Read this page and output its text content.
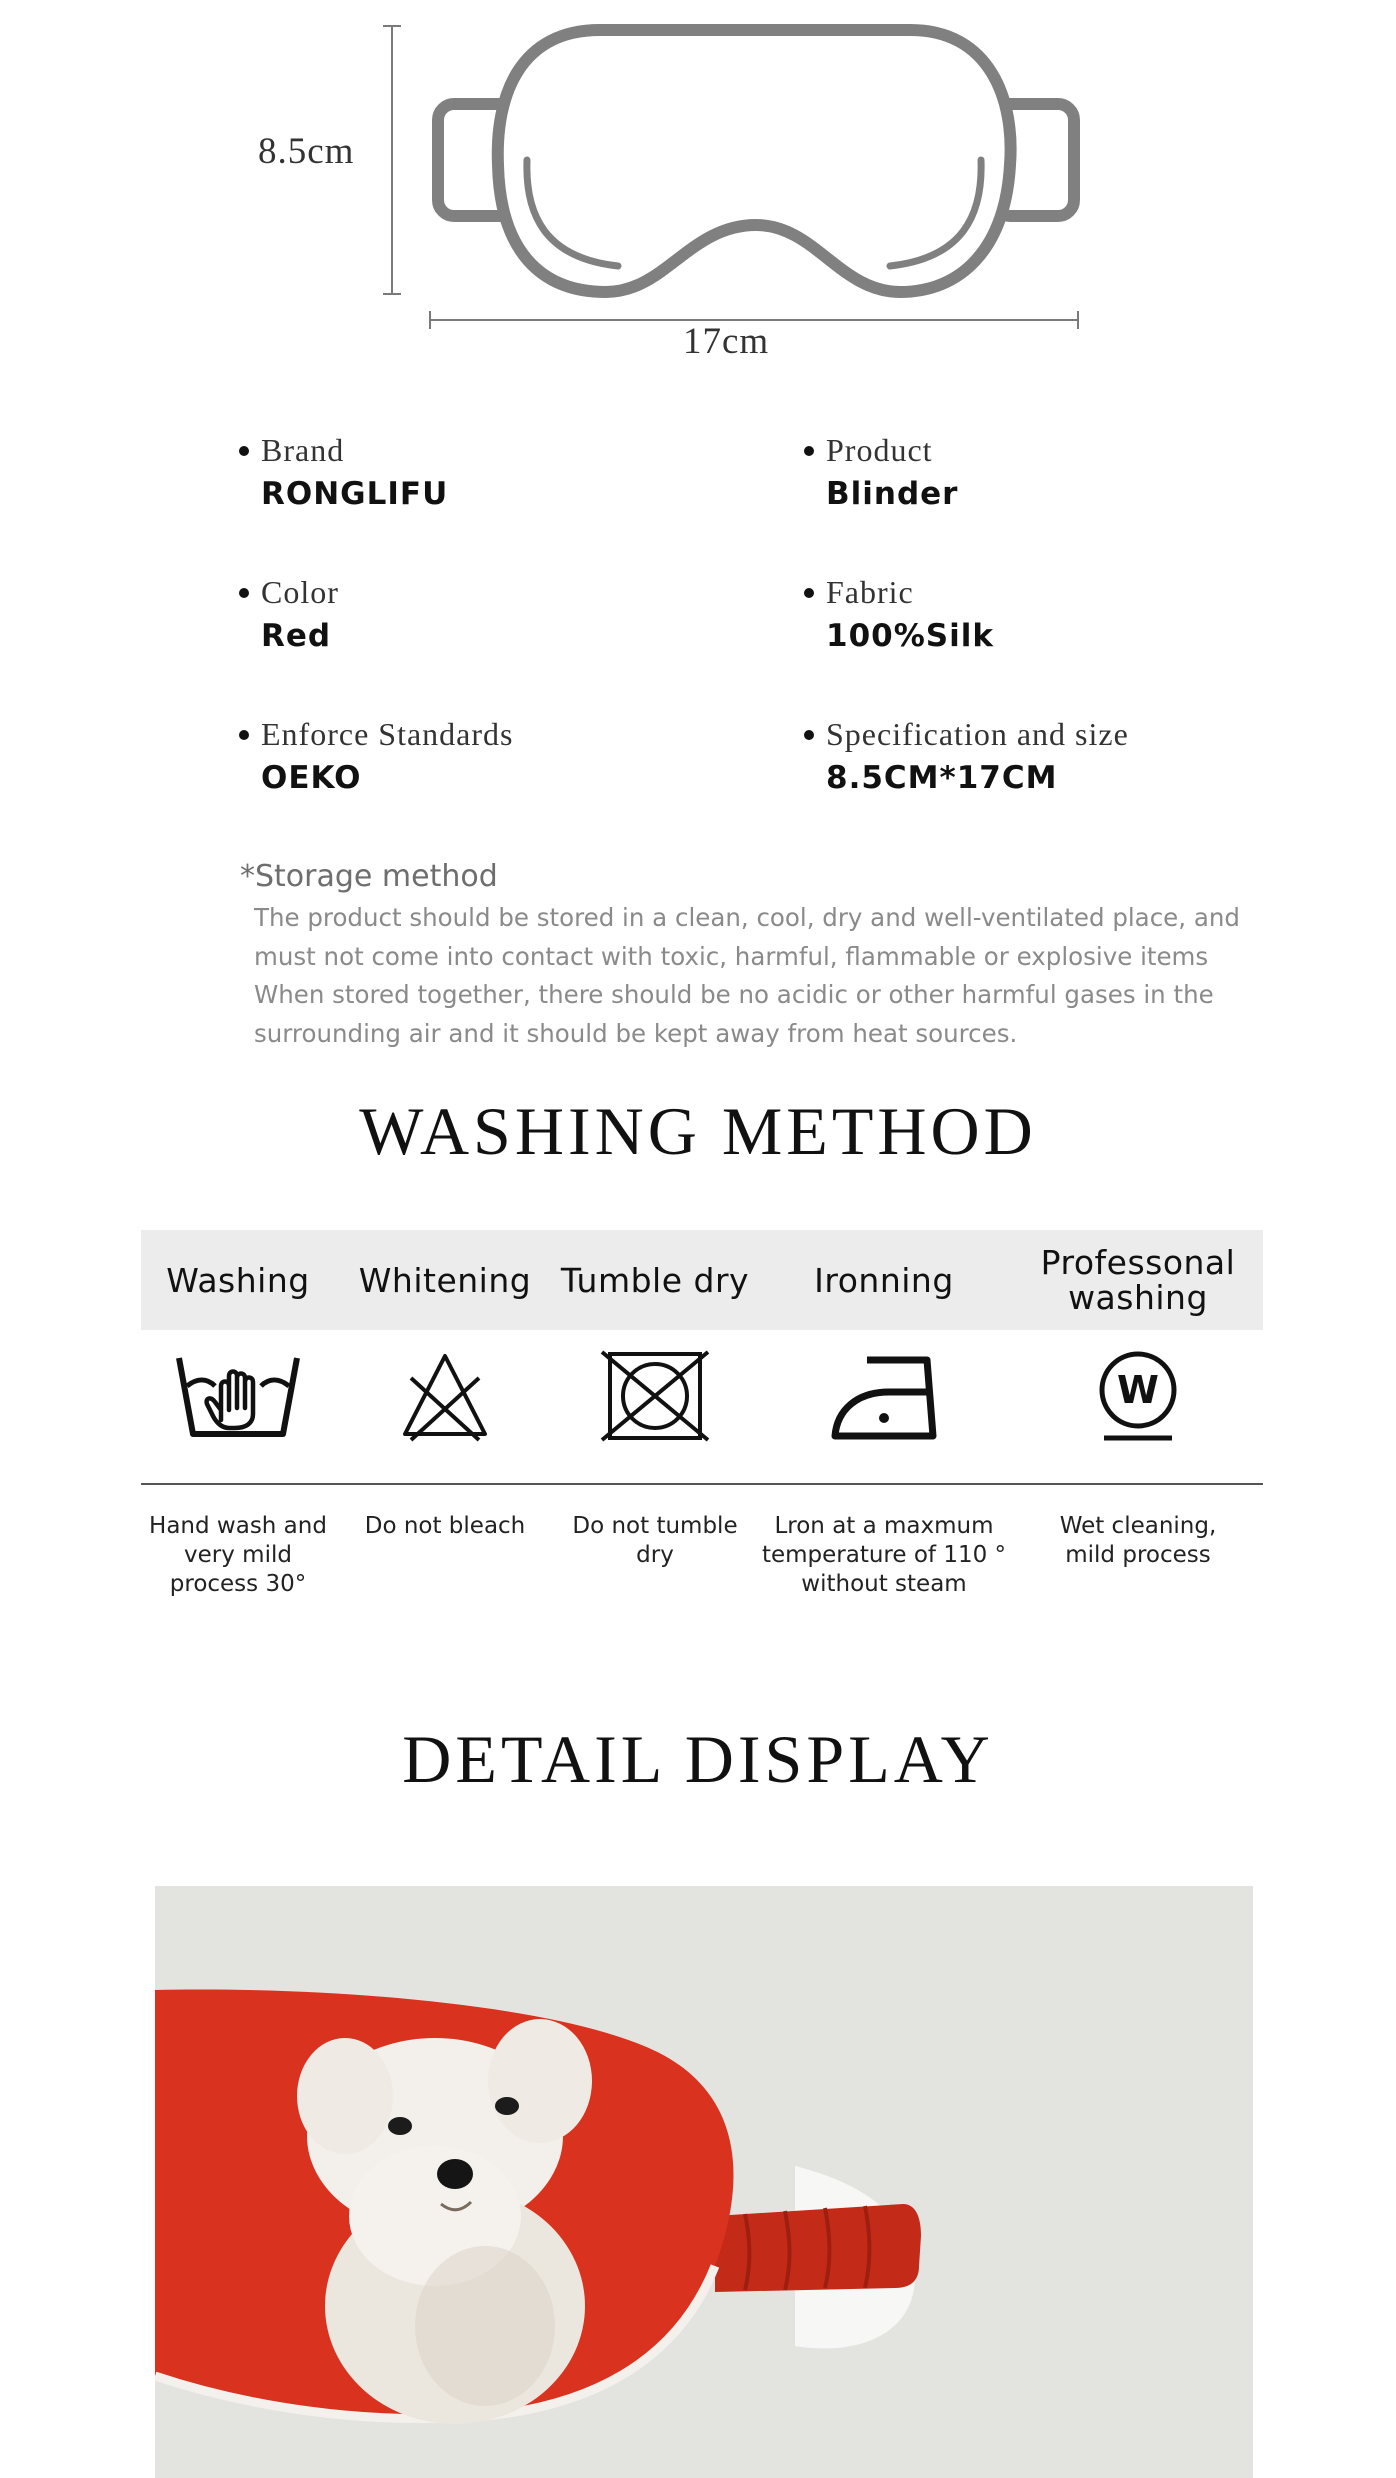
8.5cm
17cm
Brand
RONGLIFU
Product
Blinder
Color
Red
Fabric
100%Silk
Enforce Standards
OEKO
Specification and size
8.5CM*17CM
*Storage method
The product should be stored in a clean, cool, dry and well-ventilated place, and
must not come into contact with toxic, harmful, flammable or explosive items
When stored together, there should be no acidic or other harmful gases in the
surrounding air and it should be kept away from heat sources.
WASHING METHOD
Washing
Hand wash and
very mild
process 30°
Whitening
Do not bleach
Tumble dry
Do not tumble
dry
Ironning
Lron at a maxmum
temperature of 110 °
without steam
Professonal
washing
W
Wet cleaning,
mild process
DETAIL DISPLAY
